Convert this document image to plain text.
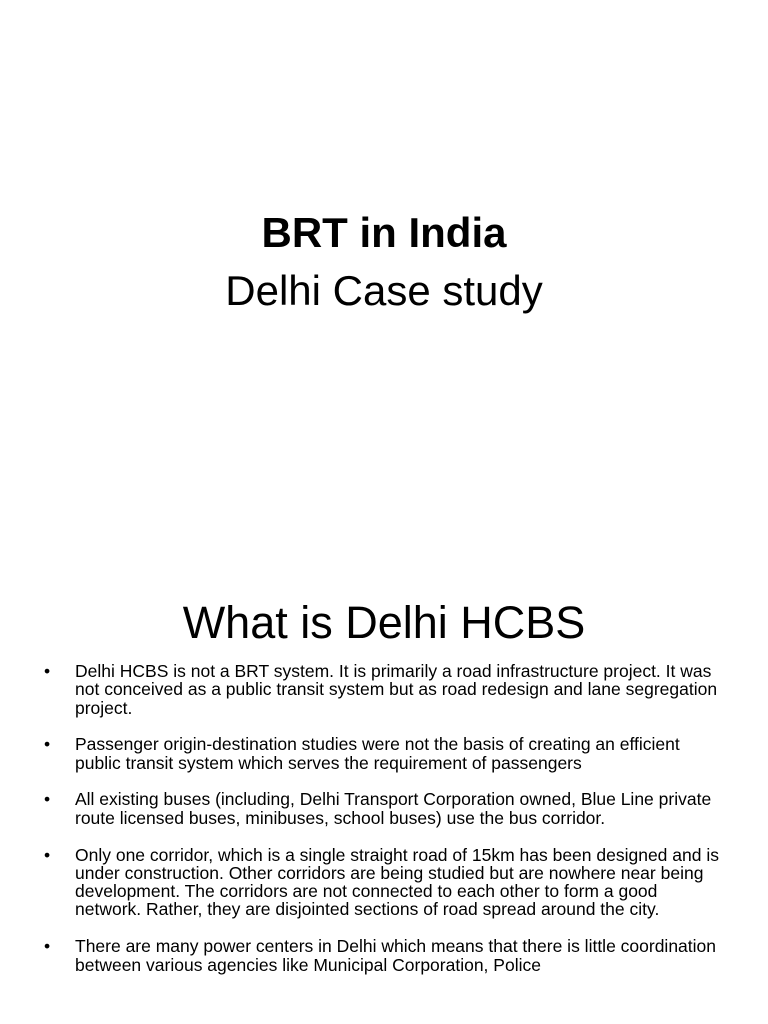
BRT in India
Delhi Case study
What is Delhi HCBS
• Delhi HCBS is not a BRT system. It is primarily a road infrastructure project. It was not conceived as a public transit system but as road redesign and lane segregation project.
• Passenger origin-destination studies were not the basis of creating an efficient public transit system which serves the requirement of passengers
• All existing buses (including, Delhi Transport Corporation owned, Blue Line private route licensed buses, minibuses, school buses) use the bus corridor.
• Only one corridor, which is a single straight road of 15km has been designed and is under construction. Other corridors are being studied but are nowhere near being development. The corridors are not connected to each other to form a good network. Rather, they are disjointed sections of road spread around the city.
• There are many power centers in Delhi which means that there is little coordination between various agencies like Municipal Corporation, Police
